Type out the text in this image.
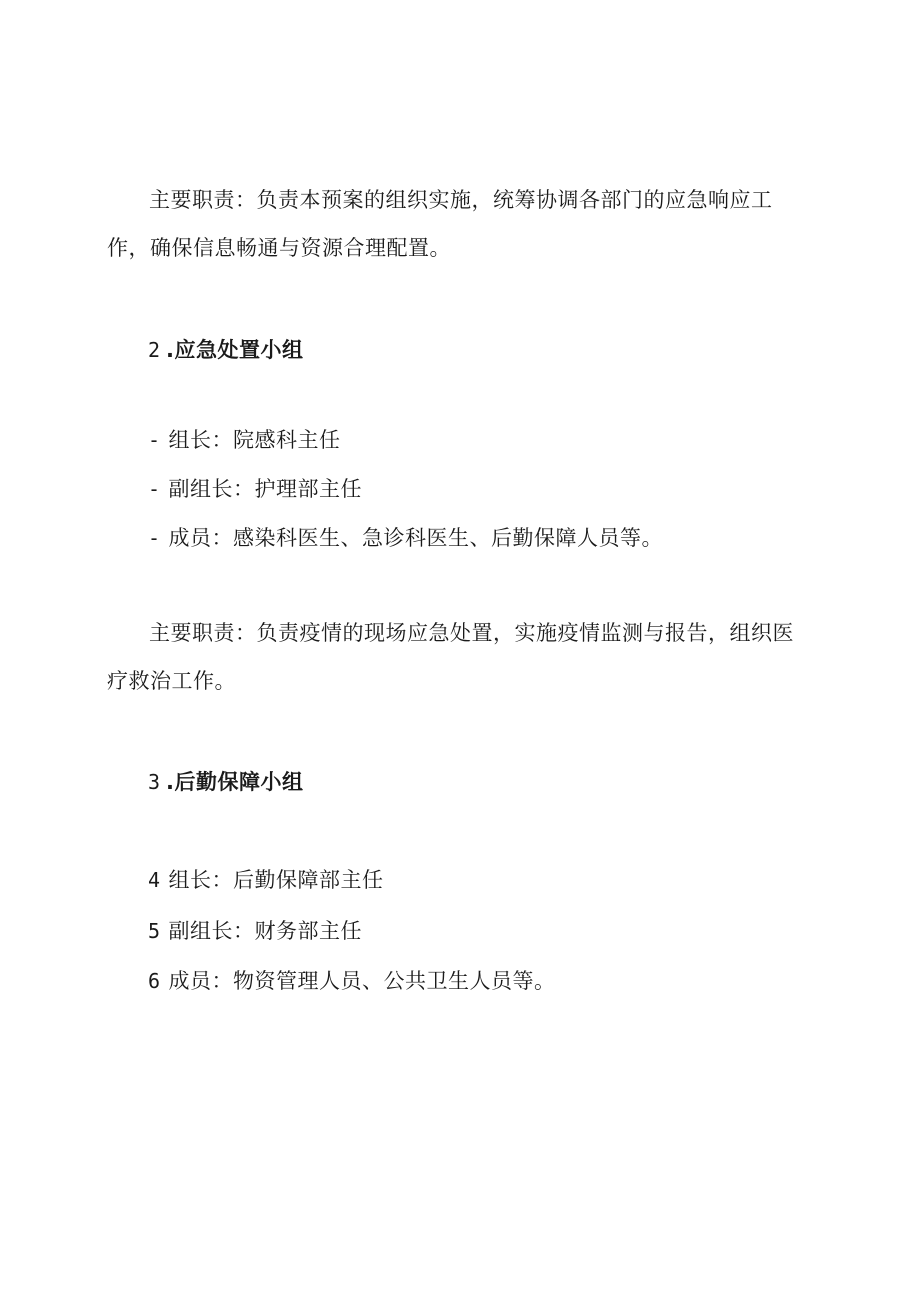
主要职责：负责本预案的组织实施，统筹协调各部门的应急响应工作，确保信息畅通与资源合理配置。

2 .应急处置小组
- 组长：院感科主任
- 副组长：护理部主任
- 成员：感染科医生、急诊科医生、后勤保障人员等。

主要职责：负责疫情的现场应急处置，实施疫情监测与报告，组织医疗救治工作。

3 .后勤保障小组
4 组长：后勤保障部主任
5 副组长：财务部主任
6 成员：物资管理人员、公共卫生人员等。
